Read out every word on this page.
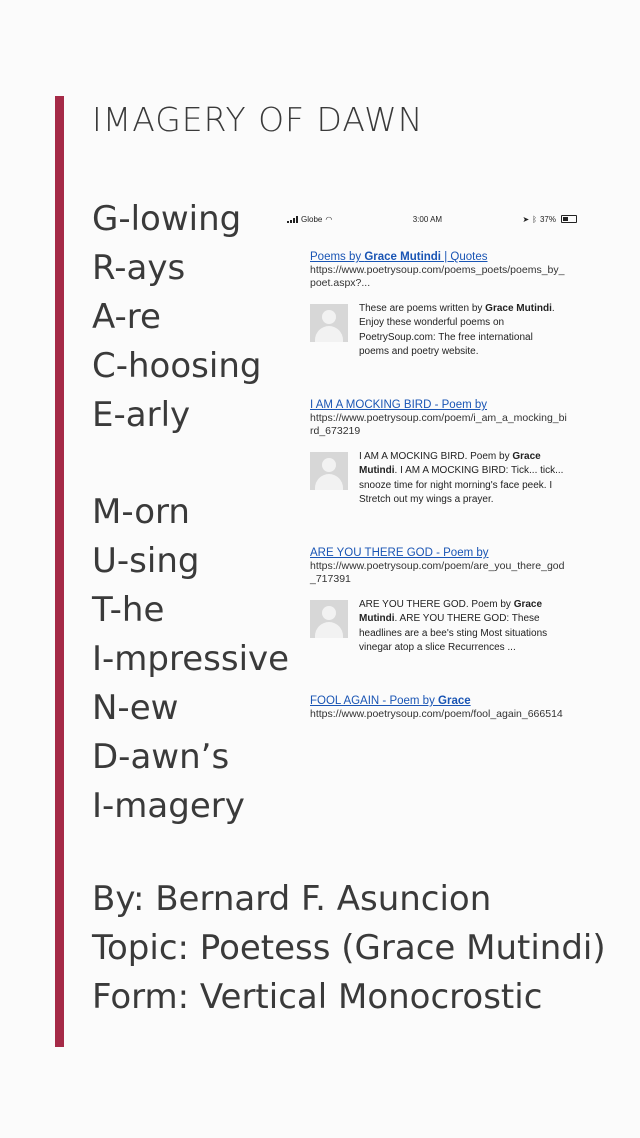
IMAGERY OF DAWN
G-lowing
R-ays
A-re
C-hoosing
E-arly
M-orn
U-sing
T-he
I-mpressive
N-ew
D-awn’s
I-magery
By: Bernard F. Asuncion
Topic: Poetess (Grace Mutindi)
Form: Vertical Monocrostic
Globe ◠	3:00 AM	➤ ᛒ 37%
Poems by Grace Mutindi | Quotes
https://www.poetrysoup.com/poems_poets/poems_by_poet.aspx?...
These are poems written by Grace Mutindi. Enjoy these wonderful poems on PoetrySoup.com: The free international poems and poetry website.
I AM A MOCKING BIRD - Poem by
https://www.poetrysoup.com/poem/i_am_a_mocking_bird_673219
I AM A MOCKING BIRD. Poem by Grace Mutindi. I AM A MOCKING BIRD: Tick... tick... snooze time for night morning's face peek. I Stretch out my wings a prayer.
ARE YOU THERE GOD - Poem by
https://www.poetrysoup.com/poem/are_you_there_god_717391
ARE YOU THERE GOD. Poem by Grace Mutindi. ARE YOU THERE GOD: These headlines are a bee's sting Most situations vinegar atop a slice Recurrences ...
FOOL AGAIN - Poem by Grace
https://www.poetrysoup.com/poem/fool_again_666514
